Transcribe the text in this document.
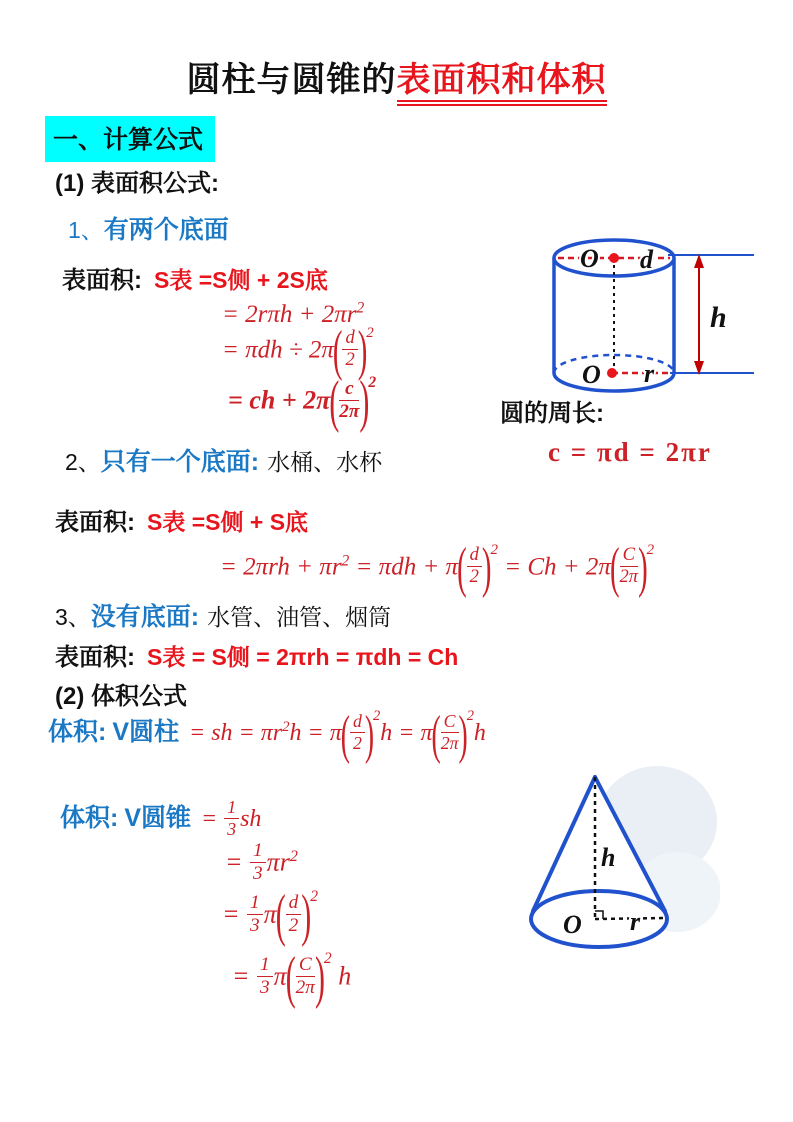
圆柱与圆锥的表面积和体积
一、计算公式
(1) 表面积公式:
1、有两个底面
表面积: S表 =S侧 + 2S底
= $2r\pi h + 2\pi r^2$
= $\pi dh \div 2\pi( \frac{d}{2} )^2$
= ch + $2\pi( \frac{c}{2\pi} )^2$
O d
O r
h
圆的周长:
c = πd = 2πr
2、只有一个底面: 水桶、水杯
表面积: S表 =S侧 + S底
= $2\pi rh + \pi r^2 = \pi dh + \pi( \frac{d}{2} )^2 = Ch + 2\pi( \frac{C}{2\pi} )^2$
3、没有底面: 水管、油管、烟筒
表面积: S表 = S侧 = 2πrh = πdh = Ch
(2) 体积公式
体积: V圆柱 = sh = $\pi r^2h = \pi( \frac{d}{2} )^2h = \pi( \frac{C}{2\pi} )^2h$
体积: V圆锥 = $\frac{1}{3}$ sh
= $\frac{1}{3} \pi r^2$
= $\frac{1}{3} \pi( \frac{d}{2} )^2$
= $\frac{1}{3} \pi( \frac{C}{2\pi} )^2$ h
h
O r
